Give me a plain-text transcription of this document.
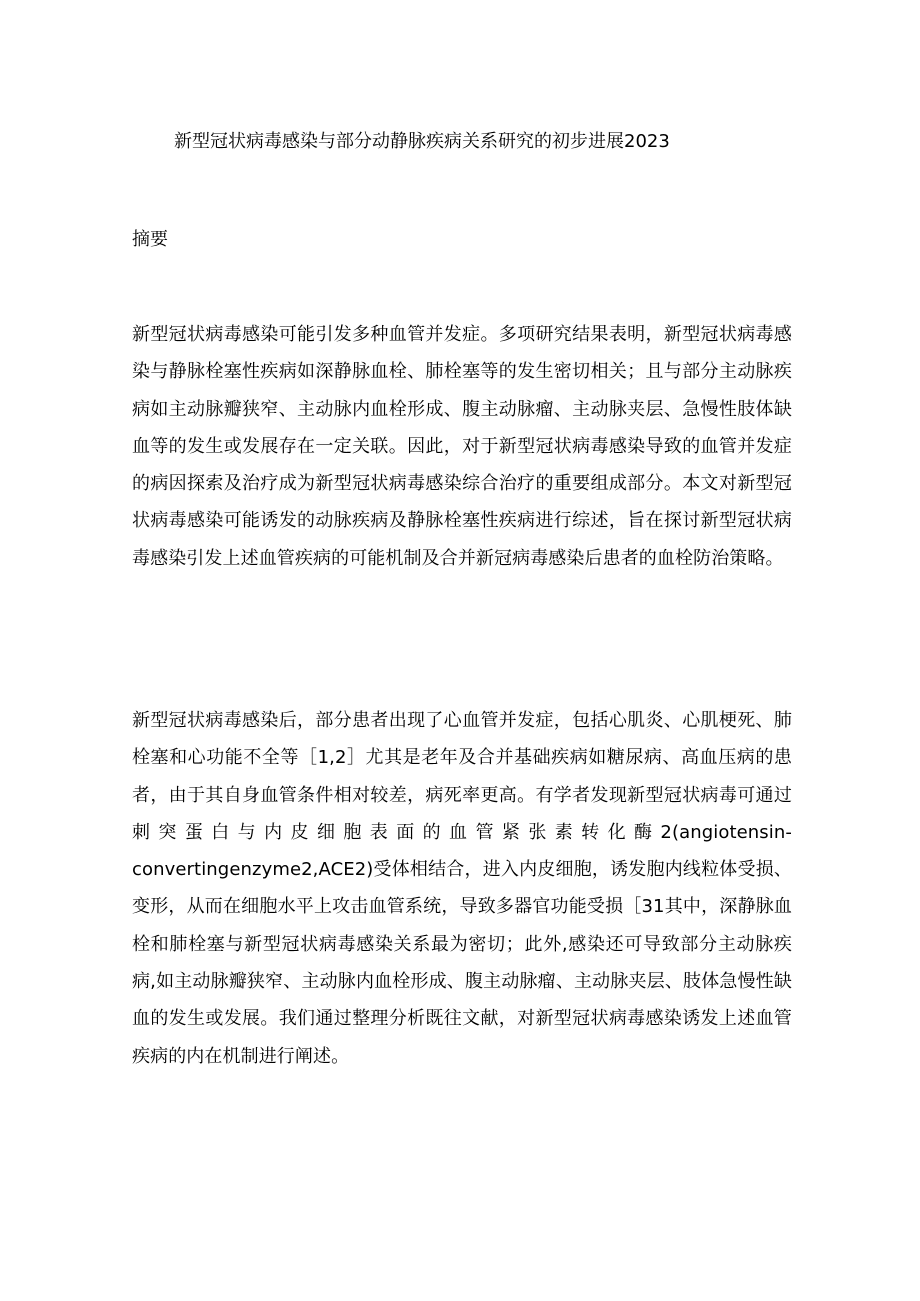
新型冠状病毒感染与部分动静脉疾病关系研究的初步进展2023
摘要

新型冠状病毒感染可能引发多种血管并发症。多项研究结果表明，新型冠状病毒感染与静脉栓塞性疾病如深静脉血栓、肺栓塞等的发生密切相关；且与部分主动脉疾病如主动脉瓣狭窄、主动脉内血栓形成、腹主动脉瘤、主动脉夹层、急慢性肢体缺血等的发生或发展存在一定关联。因此，对于新型冠状病毒感染导致的血管并发症的病因探索及治疗成为新型冠状病毒感染综合治疗的重要组成部分。本文对新型冠状病毒感染可能诱发的动脉疾病及静脉栓塞性疾病进行综述，旨在探讨新型冠状病毒感染引发上述血管疾病的可能机制及合并新冠病毒感染后患者的血栓防治策略。

新型冠状病毒感染后，部分患者出现了心血管并发症，包括心肌炎、心肌梗死、肺栓塞和心功能不全等［1,2］尤其是老年及合并基础疾病如糖尿病、高血压病的患者，由于其自身血管条件相对较差，病死率更高。有学者发现新型冠状病毒可通过刺突蛋白与内皮细胞表面的血管紧张素转化酶2(angiotensin-convertingenzyme2,ACE2)受体相结合，进入内皮细胞，诱发胞内线粒体受损、变形，从而在细胞水平上攻击血管系统，导致多器官功能受损［31其中，深静脉血栓和肺栓塞与新型冠状病毒感染关系最为密切；此外,感染还可导致部分主动脉疾病,如主动脉瓣狭窄、主动脉内血栓形成、腹主动脉瘤、主动脉夹层、肢体急慢性缺血的发生或发展。我们通过整理分析既往文献，对新型冠状病毒感染诱发上述血管疾病的内在机制进行阐述。
